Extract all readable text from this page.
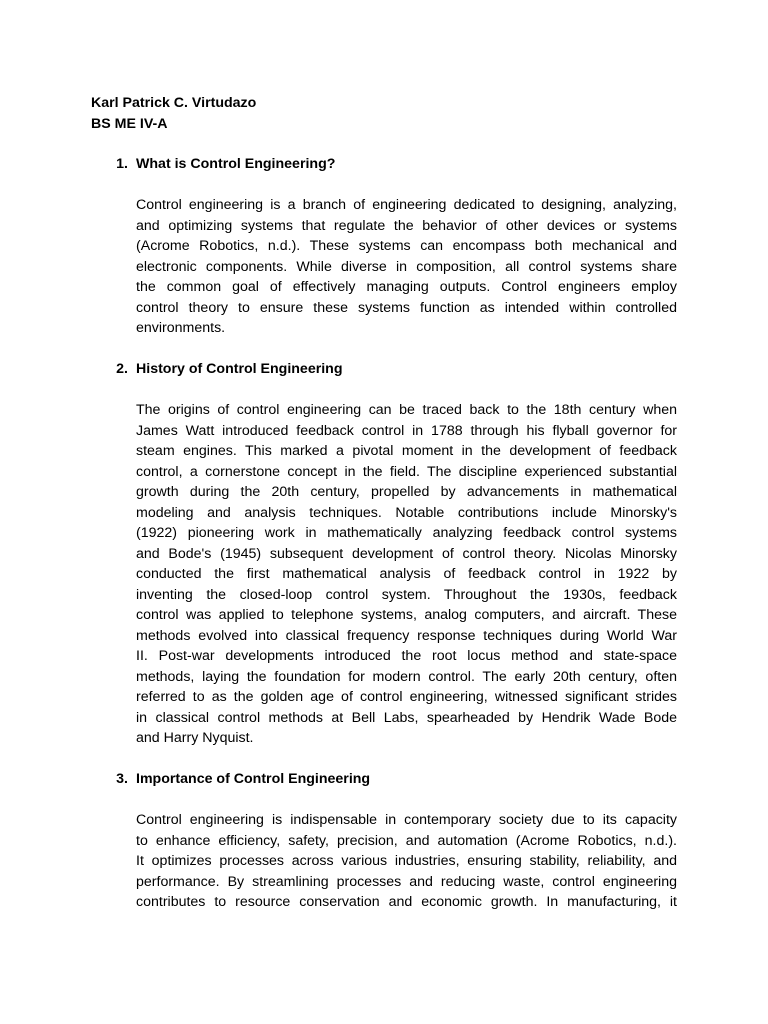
Karl Patrick C. Virtudazo
BS ME IV-A
1. What is Control Engineering?
Control engineering is a branch of engineering dedicated to designing, analyzing,
and optimizing systems that regulate the behavior of other devices or systems
(Acrome Robotics, n.d.). These systems can encompass both mechanical and
electronic components. While diverse in composition, all control systems share
the common goal of effectively managing outputs. Control engineers employ
control theory to ensure these systems function as intended within controlled
environments.
2. History of Control Engineering
The origins of control engineering can be traced back to the 18th century when
James Watt introduced feedback control in 1788 through his flyball governor for
steam engines. This marked a pivotal moment in the development of feedback
control, a cornerstone concept in the field. The discipline experienced substantial
growth during the 20th century, propelled by advancements in mathematical
modeling and analysis techniques. Notable contributions include Minorsky's
(1922) pioneering work in mathematically analyzing feedback control systems
and Bode's (1945) subsequent development of control theory. Nicolas Minorsky
conducted the first mathematical analysis of feedback control in 1922 by
inventing the closed-loop control system. Throughout the 1930s, feedback
control was applied to telephone systems, analog computers, and aircraft. These
methods evolved into classical frequency response techniques during World War
II. Post-war developments introduced the root locus method and state-space
methods, laying the foundation for modern control. The early 20th century, often
referred to as the golden age of control engineering, witnessed significant strides
in classical control methods at Bell Labs, spearheaded by Hendrik Wade Bode
and Harry Nyquist.
3. Importance of Control Engineering
Control engineering is indispensable in contemporary society due to its capacity
to enhance efficiency, safety, precision, and automation (Acrome Robotics, n.d.).
It optimizes processes across various industries, ensuring stability, reliability, and
performance. By streamlining processes and reducing waste, control engineering
contributes to resource conservation and economic growth. In manufacturing, it
